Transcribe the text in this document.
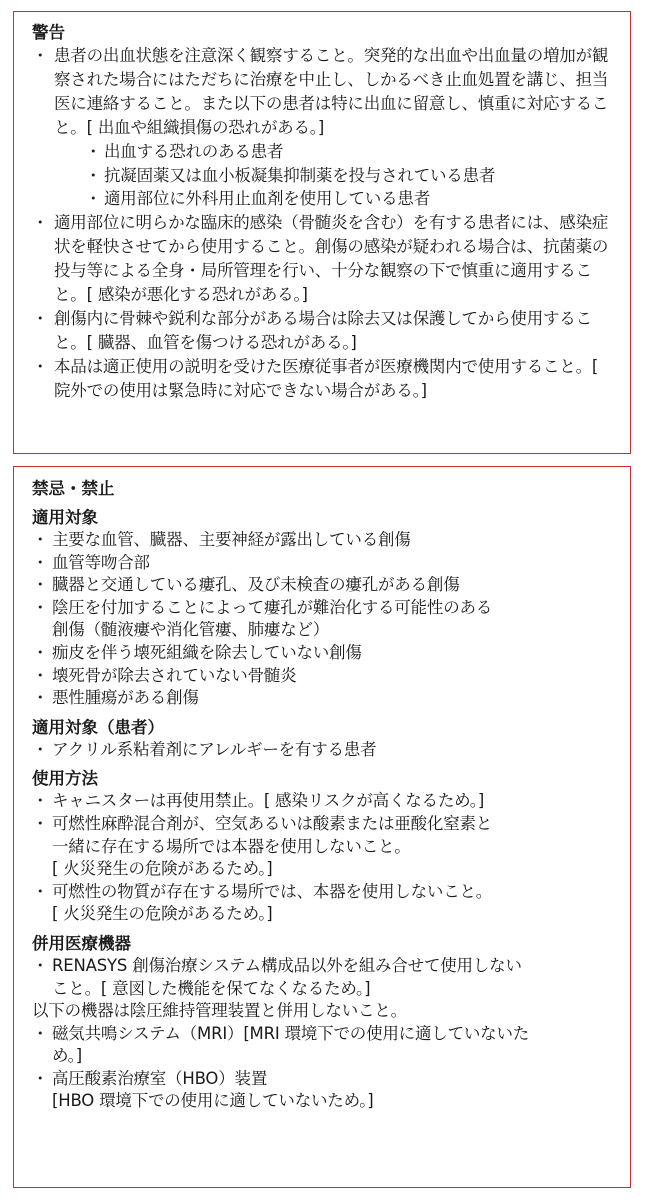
警告
・ 患者の出血状態を注意深く観察すること。突発的な出血や出血量の増加が観察された場合にはただちに治療を中止し、しかるべき止血処置を講じ、担当医に連絡すること。また以下の患者は特に出血に留意し、慎重に対応すること。[ 出血や組織損傷の恐れがある。]
・ 出血する恐れのある患者
・ 抗凝固薬又は血小板凝集抑制薬を投与されている患者
・ 適用部位に外科用止血剤を使用している患者
・ 適用部位に明らかな臨床的感染（骨髄炎を含む）を有する患者には、感染症状を軽快させてから使用すること。創傷の感染が疑われる場合は、抗菌薬の投与等による全身・局所管理を行い、十分な観察の下で慎重に適用すること。[ 感染が悪化する恐れがある。]
・ 創傷内に骨棘や鋭利な部分がある場合は除去又は保護してから使用すること。[ 臓器、血管を傷つける恐れがある。]
・ 本品は適正使用の説明を受けた医療従事者が医療機関内で使用すること。[ 院外での使用は緊急時に対応できない場合がある。]
禁忌・禁止
適用対象
・ 主要な血管、臓器、主要神経が露出している創傷
・ 血管等吻合部
・ 臓器と交通している瘻孔、及び未検査の瘻孔がある創傷
・ 陰圧を付加することによって瘻孔が難治化する可能性のある
創傷（髄液瘻や消化管瘻、肺瘻など）
・ 痂皮を伴う壊死組織を除去していない創傷
・ 壊死骨が除去されていない骨髄炎
・ 悪性腫瘍がある創傷
適用対象（患者）
・ アクリル系粘着剤にアレルギーを有する患者
使用方法
・ キャニスターは再使用禁止。[ 感染リスクが高くなるため。]
・ 可燃性麻酔混合剤が、空気あるいは酸素または亜酸化窒素と
一緒に存在する場所では本器を使用しないこと。
[ 火災発生の危険があるため。]
・ 可燃性の物質が存在する場所では、本器を使用しないこと。
[ 火災発生の危険があるため。]
併用医療機器
・ RENASYS 創傷治療システム構成品以外を組み合せて使用しない
こと。[ 意図した機能を保てなくなるため。]

以下の機器は陰圧維持管理装置と併用しないこと。

・ 磁気共鳴システム（MRI）[MRI 環境下での使用に適していないた
め。]
・ 高圧酸素治療室（HBO）装置
[HBO 環境下での使用に適していないため。]
